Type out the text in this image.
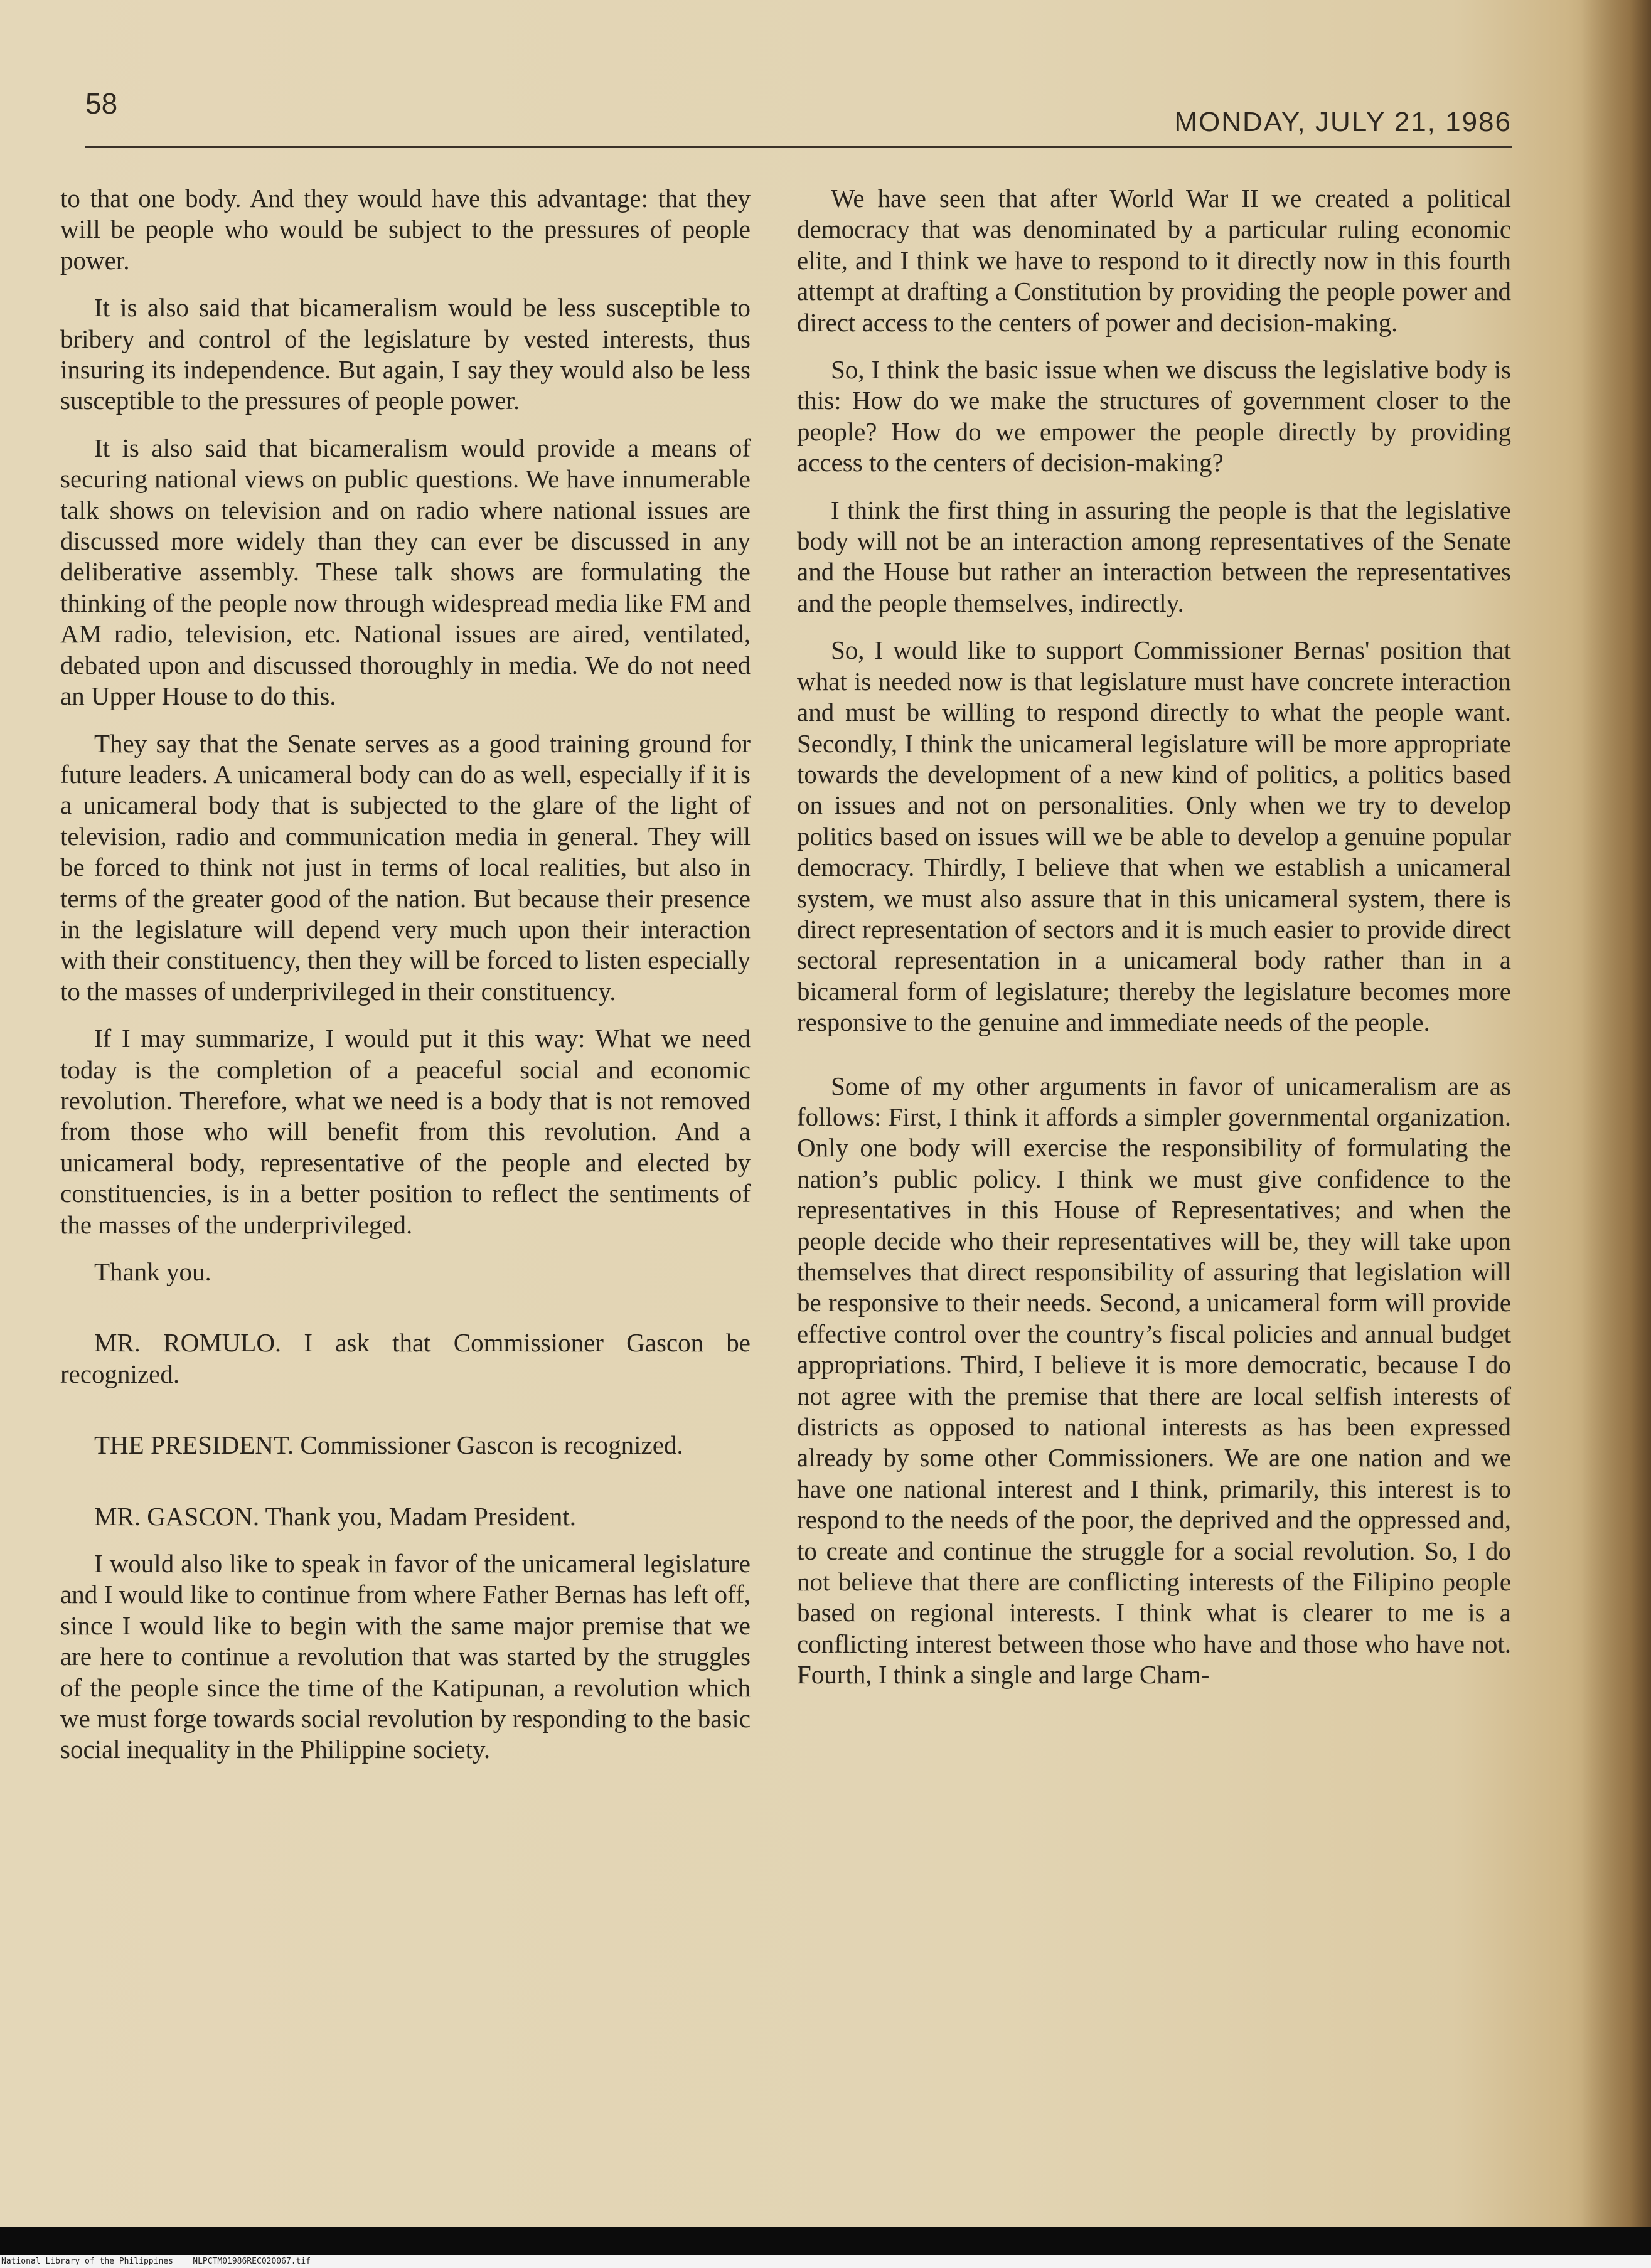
58
MONDAY, JULY 21, 1986

to that one body. And they would have this advantage: that they will be people who would be subject to the pressures of people power.

It is also said that bicameralism would be less susceptible to bribery and control of the legislature by vested interests, thus insuring its independence. But again, I say they would also be less susceptible to the pressures of people power.

It is also said that bicameralism would provide a means of securing national views on public questions. We have innumerable talk shows on television and on radio where national issues are discussed more widely than they can ever be discussed in any deliberative assembly. These talk shows are formulating the thinking of the people now through widespread media like FM and AM radio, television, etc. National issues are aired, ventilated, debated upon and discussed thoroughly in media. We do not need an Upper House to do this.

They say that the Senate serves as a good training ground for future leaders. A unicameral body can do as well, especially if it is a unicameral body that is subjected to the glare of the light of television, radio and communication media in general. They will be forced to think not just in terms of local realities, but also in terms of the greater good of the nation. But because their presence in the legislature will depend very much upon their interaction with their constituency, then they will be forced to listen especially to the masses of underprivileged in their constituency.

If I may summarize, I would put it this way: What we need today is the completion of a peaceful social and economic revolution. Therefore, what we need is a body that is not removed from those who will benefit from this revolution. And a unicameral body, representative of the people and elected by constituencies, is in a better position to reflect the sentiments of the masses of the underprivileged.

Thank you.

MR. ROMULO. I ask that Commissioner Gascon be recognized.

THE PRESIDENT. Commissioner Gascon is recognized.

MR. GASCON. Thank you, Madam President.

I would also like to speak in favor of the unicameral legislature and I would like to continue from where Father Bernas has left off, since I would like to begin with the same major premise that we are here to continue a revolution that was started by the struggles of the people since the time of the Katipunan, a revolution which we must forge towards social revolution by responding to the basic social inequality in the Philippine society.

We have seen that after World War II we created a political democracy that was denominated by a particular ruling economic elite, and I think we have to respond to it directly now in this fourth attempt at drafting a Constitution by providing the people power and direct access to the centers of power and decision-making.

So, I think the basic issue when we discuss the legislative body is this: How do we make the structures of government closer to the people? How do we empower the people directly by providing access to the centers of decision-making?

I think the first thing in assuring the people is that the legislative body will not be an interaction among representatives of the Senate and the House but rather an interaction between the representatives and the people themselves, indirectly.

So, I would like to support Commissioner Bernas' position that what is needed now is that legislature must have concrete interaction and must be willing to respond directly to what the people want. Secondly, I think the unicameral legislature will be more appropriate towards the development of a new kind of politics, a politics based on issues and not on personalities. Only when we try to develop politics based on issues will we be able to develop a genuine popular democracy. Thirdly, I believe that when we establish a unicameral system, we must also assure that in this unicameral system, there is direct representation of sectors and it is much easier to provide direct sectoral representation in a unicameral body rather than in a bicameral form of legislature; thereby the legislature becomes more responsive to the genuine and immediate needs of the people.

Some of my other arguments in favor of unicameralism are as follows: First, I think it affords a simpler governmental organization. Only one body will exercise the responsibility of formulating the nation’s public policy. I think we must give confidence to the representatives in this House of Representatives; and when the people decide who their representatives will be, they will take upon themselves that direct responsibility of assuring that legislation will be responsive to their needs. Second, a unicameral form will provide effective control over the country’s fiscal policies and annual budget appropriations. Third, I believe it is more democratic, because I do not agree with the premise that there are local selfish interests of districts as opposed to national interests as has been expressed already by some other Commissioners. We are one nation and we have one national interest and I think, primarily, this interest is to respond to the needs of the poor, the deprived and the oppressed and, to create and continue the struggle for a social revolution. So, I do not believe that there are conflicting interests of the Filipino people based on regional interests. I think what is clearer to me is a conflicting interest between those who have and those who have not. Fourth, I think a single and large Cham-

National Library of the Philippines    NLPCTM01986REC020067.tif
